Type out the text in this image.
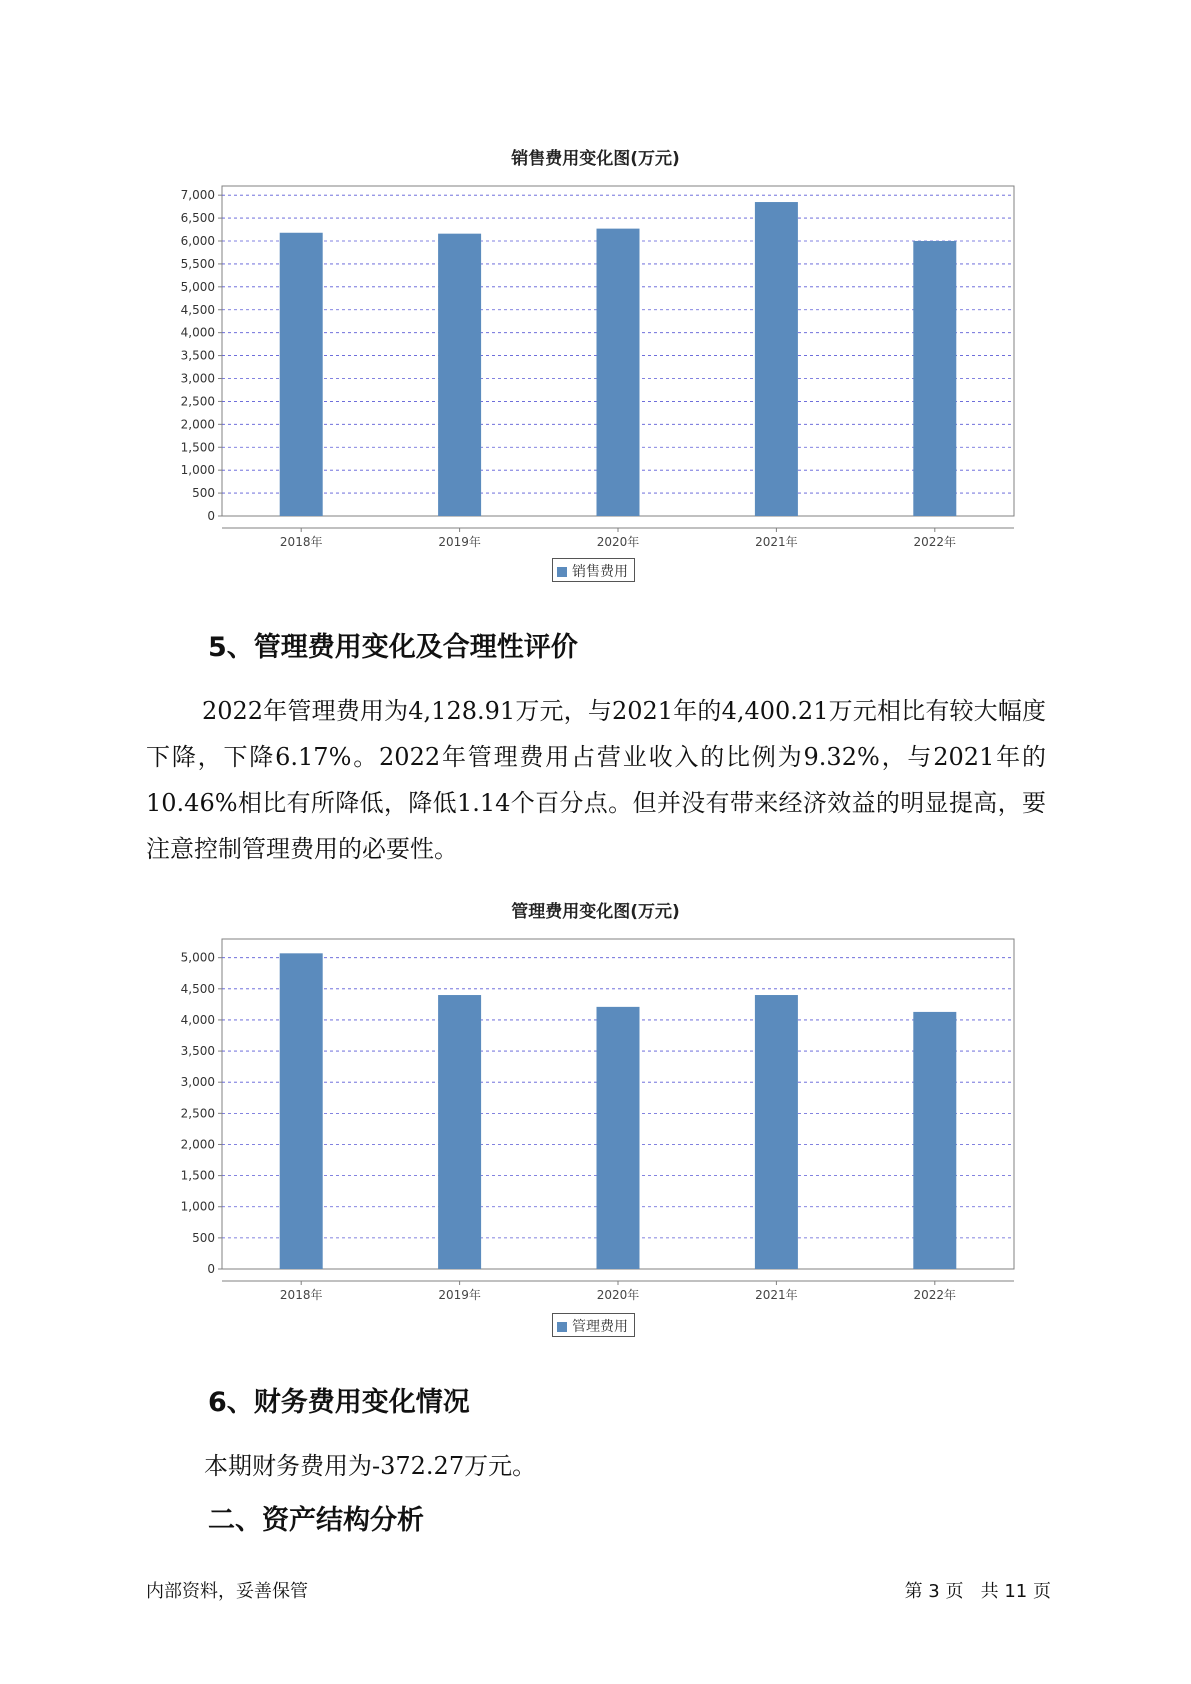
销售费用变化图(万元)
0
500
1,000
1,500
2,000
2,500
3,000
3,500
4,000
4,500
5,000
5,500
6,000
6,500
7,000
2018年	2019年	2020年	2021年	2022年
销售费用
5、管理费用变化及合理性评价

2022年管理费用为4,128.91万元，与2021年的4,400.21万元相比有较大幅度下降，下降6.17%。2022年管理费用占营业收入的比例为9.32%，与2021年的10.46%相比有所降低，降低1.14个百分点。但并没有带来经济效益的明显提高，要注意控制管理费用的必要性。

管理费用变化图(万元)
0
500
1,000
1,500
2,000
2,500
3,000
3,500
4,000
4,500
5,000
2018年	2019年	2020年	2021年	2022年
管理费用
6、财务费用变化情况

本期财务费用为-372.27万元。

二、资产结构分析
内部资料，妥善保管	第 3 页   共 11 页
